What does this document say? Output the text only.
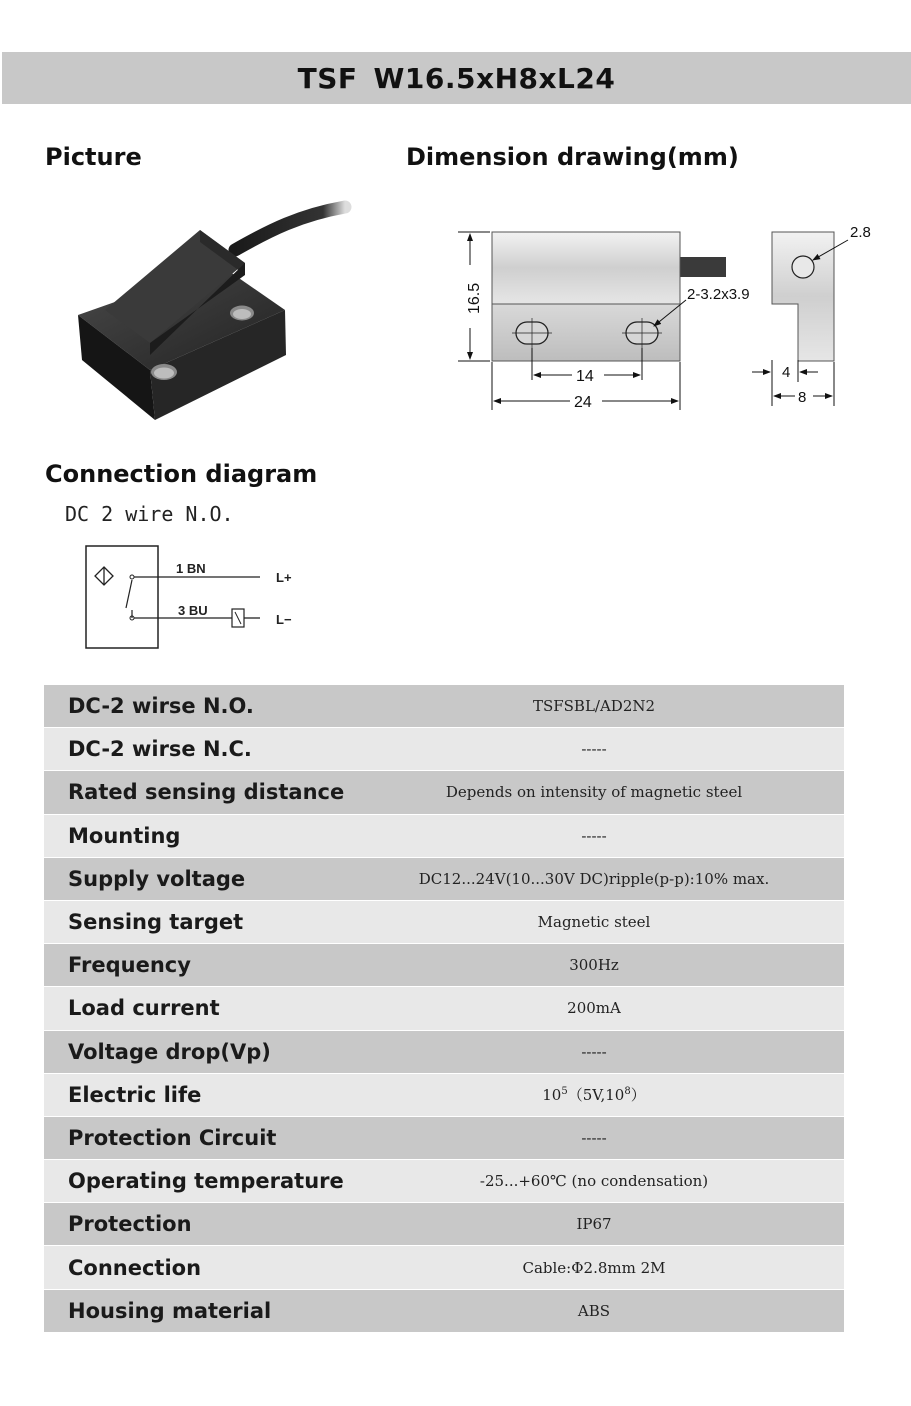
TSF W16.5xH8xL24
Picture	Dimension drawing(mm)
Connection diagram
DC 2 wire N.O.
2-3.2x3.9
16.5
14
24
2.8
4
8
1 BN
3 BU
L+
L−
DC-2 wirse N.O.	TSFSBL/AD2N2
DC-2 wirse N.C.	-----
Rated sensing distance	Depends on intensity of magnetic steel
Mounting	-----
Supply voltage	DC12...24V(10...30V DC)ripple(p-p):10% max.
Sensing target	Magnetic steel
Frequency	300Hz
Load current	200mA
Voltage drop(Vp)	-----
Electric life	$10^5(5V,10^8)$
Protection Circuit	-----
Operating temperature	-25...+60℃ (no condensation)
Protection	IP67
Connection	Cable:Φ2.8mm 2M
Housing material	ABS
